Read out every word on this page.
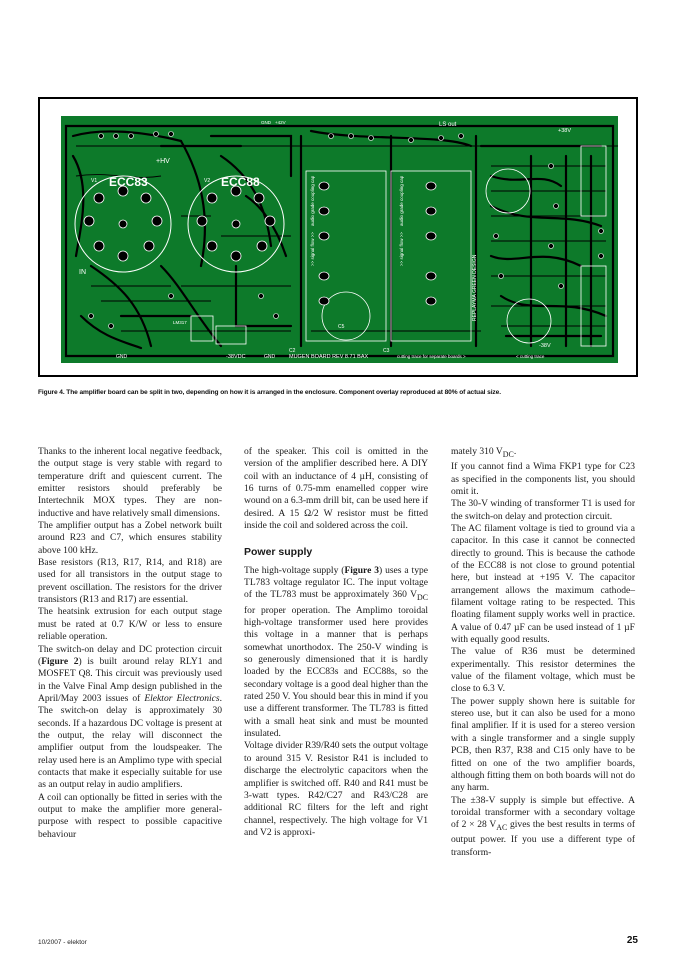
ECC83	ECC88
+HV
V1	V2
IN
GND	-38VDC	GND	MUGEN BOARD REV 8.71 BAX	cutting trace for separate boards >	< cutting trace
+38V
-38V
LS out
C2	C3
C5
LM317
GND +42V
>> signal flow >>	>> signal flow >>
audio grade coupling cap	audio grade coupling cap
REPLAYMA GREEN DESIGN
Figure 4. The amplifier board can be split in two, depending on how it is arranged in the enclosure. Component overlay reproduced at 80% of actual size.

Thanks to the inherent local negative feedback, the output stage is very stable with regard to temperature drift and quiescent current. The emitter resistors should preferably be Intertechnik MOX types. They are non-inductive and have relatively small dimensions.

The amplifier output has a Zobel network built around R23 and C7, which ensures stability above 100 kHz.

Base resistors (R13, R17, R14, and R18) are used for all transistors in the output stage to prevent oscillation. The resistors for the driver transistors (R13 and R17) are essential.

The heatsink extrusion for each output stage must be rated at 0.7 K/W or less to ensure reliable operation.

The switch-on delay and DC protection circuit (Figure 2) is built around relay RLY1 and MOSFET Q8. This circuit was previously used in the Valve Final Amp design published in the April/May 2003 issues of Elektor Electronics. The switch-on delay is approximately 30 seconds. If a hazardous DC voltage is present at the output, the relay will disconnect the amplifier output from the loudspeaker. The relay used here is an Amplimo type with special contacts that make it especially suitable for use as an output relay in audio amplifiers.

A coil can optionally be fitted in series with the output to make the amplifier more general-purpose with respect to possible capacitive behaviour

of the speaker. This coil is omitted in the version of the amplifier described here. A DIY coil with an inductance of 4 µH, consisting of 16 turns of 0.75-mm enamelled copper wire wound on a 6.3-mm drill bit, can be used here if desired. A 15 Ω/2 W resistor must be fitted inside the coil and soldered across the coil.

Power supply

The high-voltage supply (Figure 3) uses a type TL783 voltage regulator IC. The input voltage of the TL783 must be approximately 360 $V_{DC}$ for proper operation. The Amplimo toroidal high-voltage transformer used here provides this voltage in a manner that is perhaps somewhat unorthodox. The 250-V winding is so generously dimensioned that it is hardly loaded by the ECC83s and ECC88s, so the secondary voltage is a good deal higher than the rated 250 V. You should bear this in mind if you use a different transformer. The TL783 is fitted with a small heat sink and must be mounted insulated.

Voltage divider R39/R40 sets the output voltage to around 315 V. Resistor R41 is included to discharge the electrolytic capacitors when the amplifier is switched off. R40 and R41 must be 3-watt types. R42/C27 and R43/C28 are additional RC filters for the left and right channel, respectively. The high voltage for V1 and V2 is approxi-

mately 310 $V_{DC}$.

If you cannot find a Wima FKP1 type for C23 as specified in the components list, you should omit it.

The 30-V winding of transformer T1 is used for the switch-on delay and protection circuit.

The AC filament voltage is tied to ground via a capacitor. In this case it cannot be connected directly to ground. This is because the cathode of the ECC88 is not close to ground potential here, but instead at +195 V. The capacitor arrangement allows the maximum cathode–filament voltage rating to be respected. This floating filament supply works well in practice. A value of 0.47 µF can be used instead of 1 µF with equally good results.

The value of R36 must be determined experimentally. This resistor determines the value of the filament voltage, which must be close to 6.3 V.

The power supply shown here is suitable for stereo use, but it can also be used for a mono final amplifier. If it is used for a stereo version with a single transformer and a single supply PCB, then R37, R38 and C15 only have to be fitted on one of the two amplifier boards, although fitting them on both boards will not do any harm.

The ±38-V supply is simple but effective. A toroidal transformer with a secondary voltage of 2 × 28 $V_{AC}$ gives the best results in terms of output power. If you use a different type of transform-

10/2007 - elektor	25
